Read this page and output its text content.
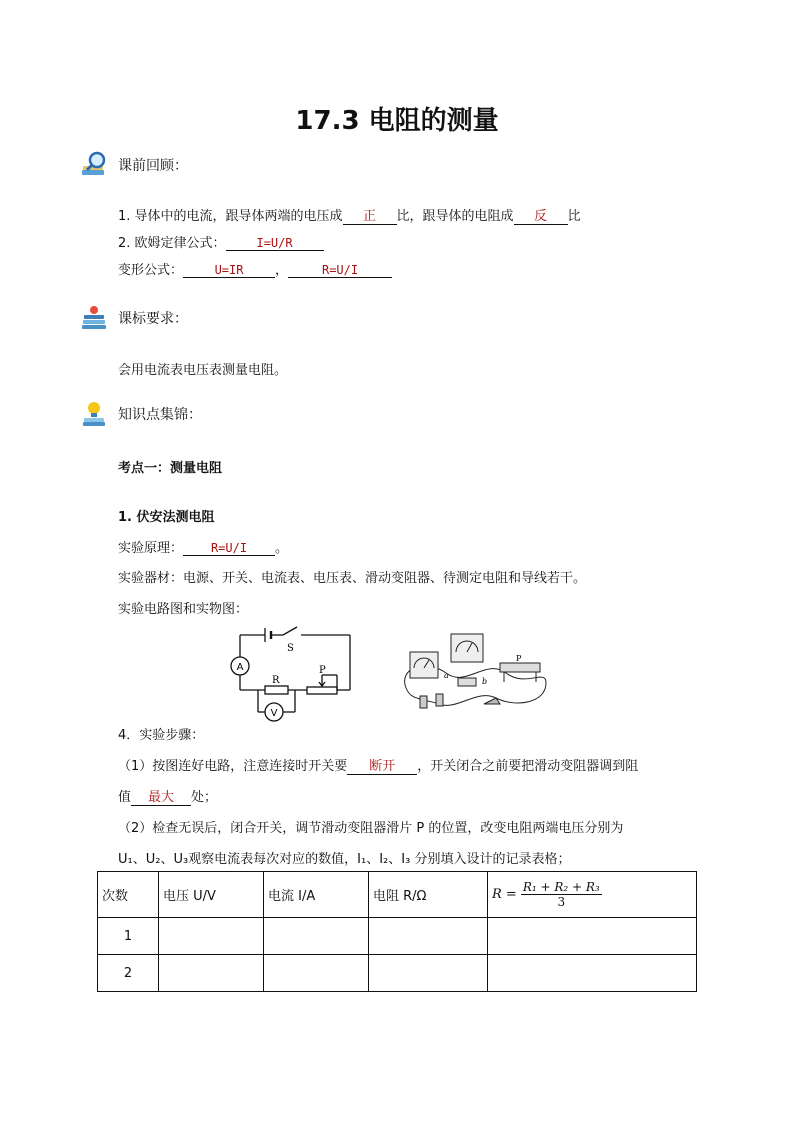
17.3 电阻的测量
课前回顾：
1. 导体中的电流，跟导体两端的电压成 正 比，跟导体的电阻成 反 比
2. 欧姆定律公式：	I=U/R
变形公式：	U=IR ，	R=U/I
课标要求：
会用电流表电压表测量电阻。
知识点集锦：
考点一：测量电阻
1. 伏安法测电阻
实验原理： R=U/I 。
实验器材：电源、开关、电流表、电压表、滑动变阻器、待测定电阻和导线若干。
实验电路图和实物图：
A
V
S
R
P	a
b
P
4．实验步骤：
（1）按图连好电路，注意连接时开关要 断开 ，开关闭合之前要把滑动变阻器调到阻
值 最大 处；
（2）检查无误后，闭合开关，调节滑动变阻器滑片 P 的位置，改变电阻两端电压分别为
U₁、U₂、U₃观察电流表每次对应的数值，I₁、I₂、I₃ 分别填入设计的记录表格；
次数	电压 U/V	电流 I/A	电阻 R/Ω	$R = \frac{\text{R₁ + R₂ + R₃}}{3}$

1				
2				
